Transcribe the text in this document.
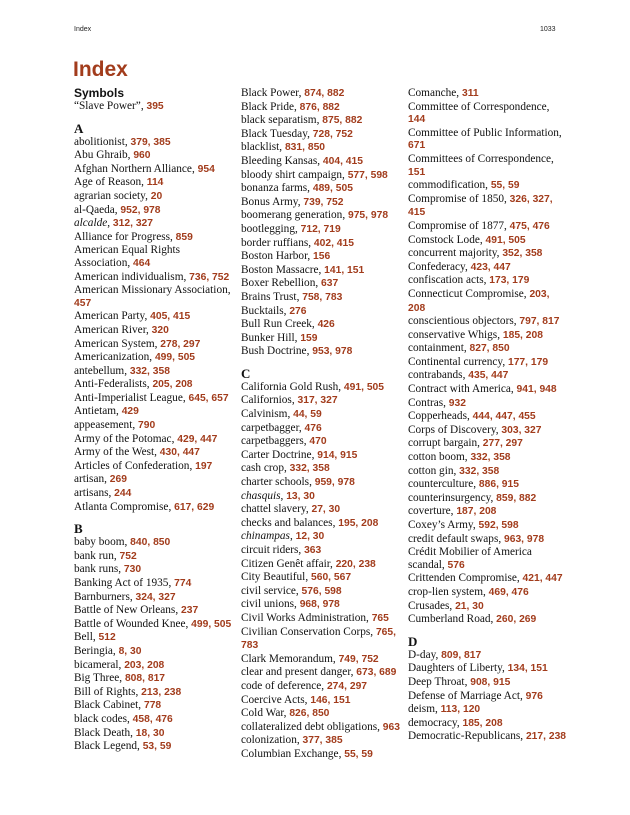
Index	1033
Index
Symbols
“Slave Power”, 395
A
abolitionist, 379, 385
Abu Ghraib, 960
Afghan Northern Alliance, 954
Age of Reason, 114
agrarian society, 20
al-Qaeda, 952, 978
alcalde, 312, 327
Alliance for Progress, 859
American Equal Rights Association, 464
American individualism, 736, 752
American Missionary Association, 457
American Party, 405, 415
American River, 320
American System, 278, 297
Americanization, 499, 505
antebellum, 332, 358
Anti-Federalists, 205, 208
Anti-Imperialist League, 645, 657
Antietam, 429
appeasement, 790
Army of the Potomac, 429, 447
Army of the West, 430, 447
Articles of Confederation, 197
artisan, 269
artisans, 244
Atlanta Compromise, 617, 629
B
baby boom, 840, 850
bank run, 752
bank runs, 730
Banking Act of 1935, 774
Barnburners, 324, 327
Battle of New Orleans, 237
Battle of Wounded Knee, 499, 505
Bell, 512
Beringia, 8, 30
bicameral, 203, 208
Big Three, 808, 817
Bill of Rights, 213, 238
Black Cabinet, 778
black codes, 458, 476
Black Death, 18, 30
Black Legend, 53, 59
Black Power, 874, 882
Black Pride, 876, 882
black separatism, 875, 882
Black Tuesday, 728, 752
blacklist, 831, 850
Bleeding Kansas, 404, 415
bloody shirt campaign, 577, 598
bonanza farms, 489, 505
Bonus Army, 739, 752
boomerang generation, 975, 978
bootlegging, 712, 719
border ruffians, 402, 415
Boston Harbor, 156
Boston Massacre, 141, 151
Boxer Rebellion, 637
Brains Trust, 758, 783
Bucktails, 276
Bull Run Creek, 426
Bunker Hill, 159
Bush Doctrine, 953, 978
C
California Gold Rush, 491, 505
Californios, 317, 327
Calvinism, 44, 59
carpetbagger, 476
carpetbaggers, 470
Carter Doctrine, 914, 915
cash crop, 332, 358
charter schools, 959, 978
chasquis, 13, 30
chattel slavery, 27, 30
checks and balances, 195, 208
chinampas, 12, 30
circuit riders, 363
Citizen Genêt affair, 220, 238
City Beautiful, 560, 567
civil service, 576, 598
civil unions, 968, 978
Civil Works Administration, 765
Civilian Conservation Corps, 765, 783
Clark Memorandum, 749, 752
clear and present danger, 673, 689
code of deference, 274, 297
Coercive Acts, 146, 151
Cold War, 826, 850
collateralized debt obligations, 963
colonization, 377, 385
Columbian Exchange, 55, 59
Comanche, 311
Committee of Correspondence, 144
Committee of Public Information, 671
Committees of Correspondence, 151
commodification, 55, 59
Compromise of 1850, 326, 327, 415
Compromise of 1877, 475, 476
Comstock Lode, 491, 505
concurrent majority, 352, 358
Confederacy, 423, 447
confiscation acts, 173, 179
Connecticut Compromise, 203, 208
conscientious objectors, 797, 817
conservative Whigs, 185, 208
containment, 827, 850
Continental currency, 177, 179
contrabands, 435, 447
Contract with America, 941, 948
Contras, 932
Copperheads, 444, 447, 455
Corps of Discovery, 303, 327
corrupt bargain, 277, 297
cotton boom, 332, 358
cotton gin, 332, 358
counterculture, 886, 915
counterinsurgency, 859, 882
coverture, 187, 208
Coxey’s Army, 592, 598
credit default swaps, 963, 978
Crédit Mobilier of America scandal, 576
Crittenden Compromise, 421, 447
crop-lien system, 469, 476
Crusades, 21, 30
Cumberland Road, 260, 269
D
D-day, 809, 817
Daughters of Liberty, 134, 151
Deep Throat, 908, 915
Defense of Marriage Act, 976
deism, 113, 120
democracy, 185, 208
Democratic-Republicans, 217, 238
